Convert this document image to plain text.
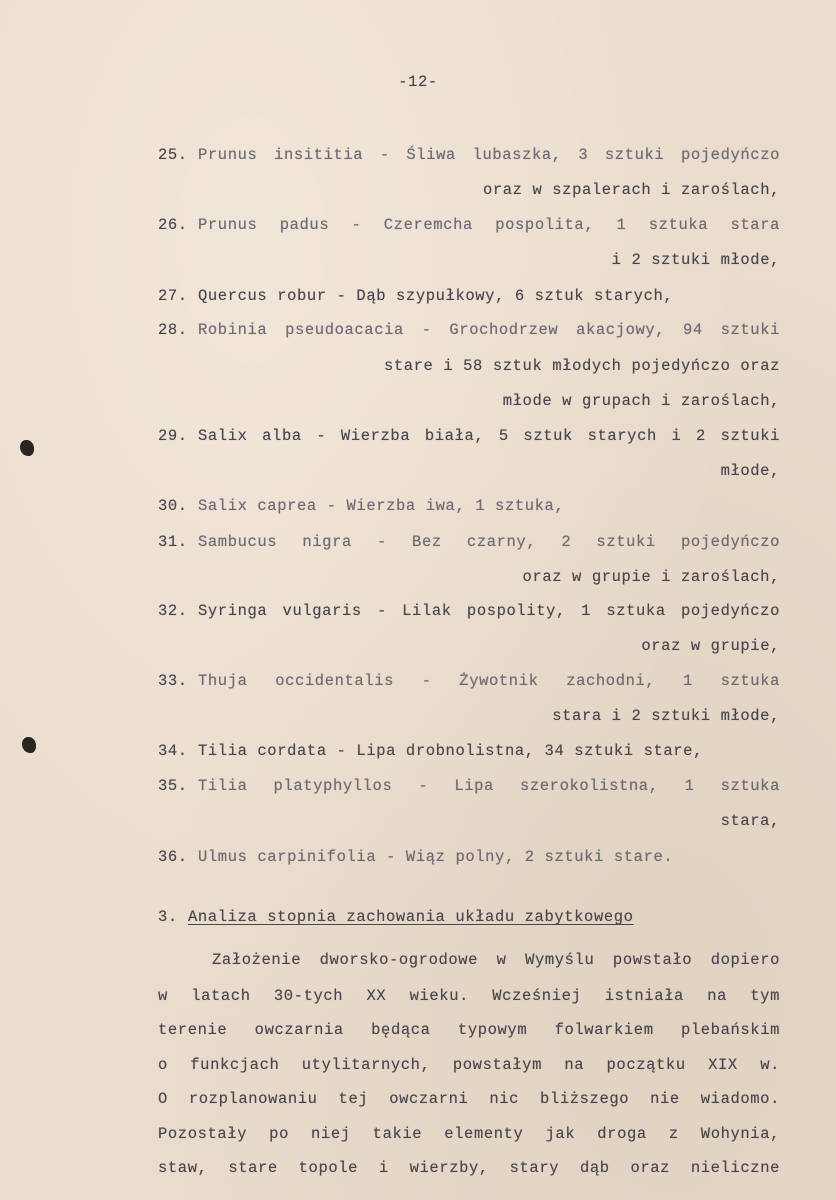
-12-
25. Prunus insititia - Śliwa lubaszka, 3 sztuki pojedyńczo
oraz w szpalerach i zaroślach,
26. Prunus padus - Czeremcha pospolita, 1 sztuka stara
i 2 sztuki młode,
27. Quercus robur - Dąb szypułkowy, 6 sztuk starych,
28. Robinia pseudoacacia - Grochodrzew akacjowy, 94 sztuki
stare i 58 sztuk młodych pojedyńczo oraz
młode w grupach i zaroślach,
29. Salix alba - Wierzba biała, 5 sztuk starych i 2 sztuki
młode,
30. Salix caprea - Wierzba iwa, 1 sztuka,
31. Sambucus nigra - Bez czarny, 2 sztuki pojedyńczo
oraz w grupie i zaroślach,
32. Syringa vulgaris - Lilak pospolity, 1 sztuka pojedyńczo
oraz w grupie,
33. Thuja occidentalis - Żywotnik zachodni, 1 sztuka
stara i 2 sztuki młode,
34. Tilia cordata - Lipa drobnolistna, 34 sztuki stare,
35. Tilia platyphyllos - Lipa szerokolistna, 1 sztuka
stara,
36. Ulmus carpinifolia - Wiąz polny, 2 sztuki stare.
3. Analiza stopnia zachowania układu zabytkowego
Założenie dworsko-ogrodowe w Wymyślu powstało dopiero
w latach 30-tych XX wieku. Wcześniej istniała na tym
terenie owczarnia będąca typowym folwarkiem plebańskim
o funkcjach utylitarnych, powstałym na początku XIX w.
O rozplanowaniu tej owczarni nic bliższego nie wiadomo.
Pozostały po niej takie elementy jak droga z Wohynia,
staw, stare topole i wierzby, stary dąb oraz nieliczne
